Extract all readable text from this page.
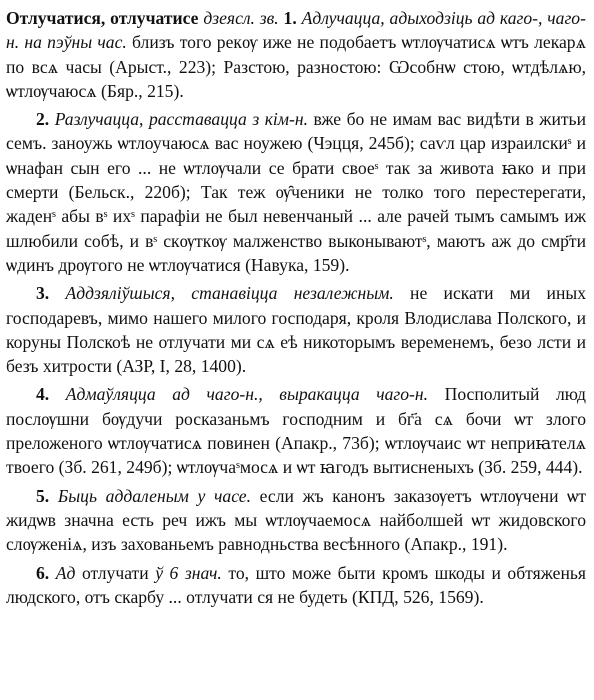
Отлучатися, отлучатисе дзеясл. зв. 1. Адлучацца, адыходзіць ад каго-, чаго-н. на пэўны час. близъ того рекѹ иже не подобаетъ ѡтлѹчатисѧ ѡтъ лекарѧ по всѧ часы (Арыст., 223); Разстою, разностою: Ѡсобнѡ стою, ѡтдѣлѧю, ѡтлѹчаюсѧ (Бяр., 215).

2. Разлучацца, расставацца з кім-н. вже бо не имам вас видѣти в житьи семъ. заноужь ѡтлоучаюсѧ вас ноужею (Чэцця, 245б); саѵл цар израилскиˢ и ѡнафан сын его ... не ѡтлѹчали се брати своеˢ так за живота ꙗко и при смерти (Бельск., 220б); Так теж ѹ̑ченики не толко того перестерегати, жаденˢ абы вˢ ихˢ парафіи не был невенчаный ... але рачей тымъ самымъ иж шлюбили собѣ, и вˢ скѹткѹ малженство выконываютˢ, маютъ аж до смр҃ти ѡдинъ дрѹгого не ѡтлѹчатися (Навука, 159).

3. Аддзяліўшыся, станавіцца незалежным. не искати ми иных господаревъ, мимо нашего милого господаря, кроля Влодислава Полского, и коруны Полскоѣ не отлучати ми сѧ еѣ никоторымъ веременемъ, безо лсти и безъ хитрости (АЗР, I, 28, 1400).

4. Адмаўляцца ад чаго-н., выракацца чаго-н. Посполитый люд послѹшни бѹдучи росказаньмъ господним и бг҃а сѧ бочи ѡт злого преложеного ѡтлѹчатисѧ повинен (Апакр., 73б); ѡтлѹчаис ѡт неприꙗтелѧ твоего (Зб. 261, 249б); ѡтлѹчаˢмосѧ и ѡт ꙗгодъ вытисненыхъ (Зб. 259, 444).

5. Быць аддаленым у часе. если жъ канонъ заказѹетъ ѡтлѹчени ѡт жидѡв значна есть реч ижъ мы ѡтлѹчаемосѧ найболшей ѡт жидовского слѹженіѧ, изъ захованьемъ равнодньства весѣнного (Апакр., 191).

6. Ад отлучати ў 6 знач. то, што може быти кромъ шкоды и обтяженья людского, отъ скарбу ... отлучати ся не будеть (КПД, 526, 1569).
